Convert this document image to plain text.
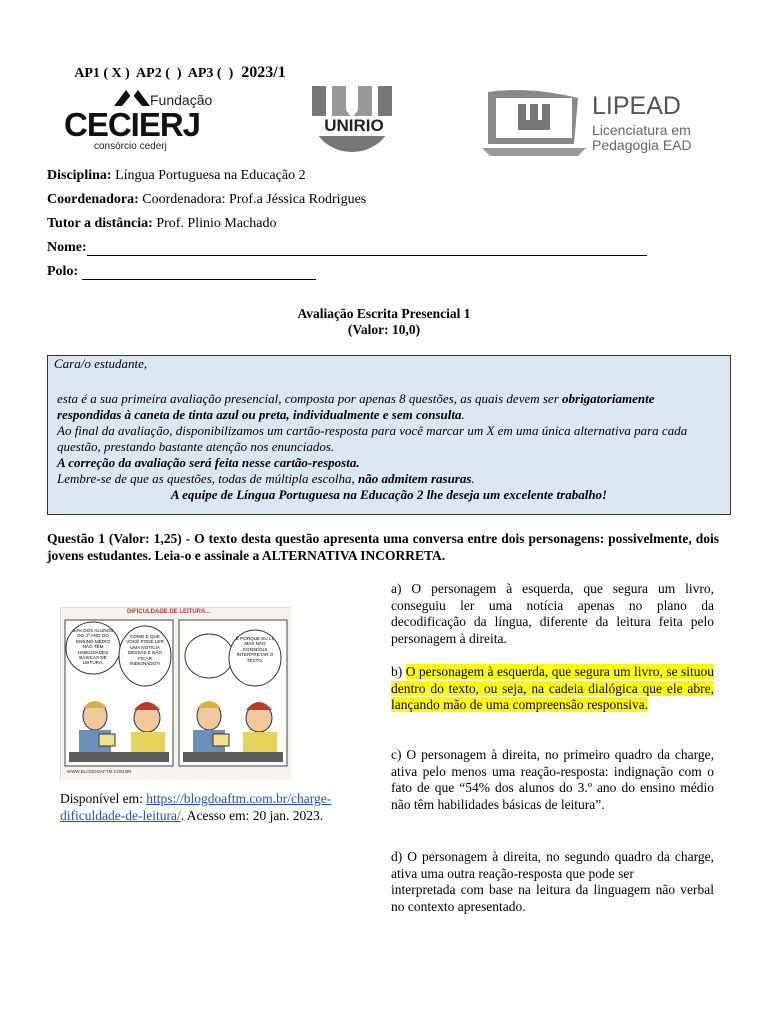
AP1 ( X )  AP2 (  )  AP3 (  ) 2023/1

Fundação
CECIERJ
consórcio cederj
UNIRIO
LIPEAD
Licenciatura em
Pedagogia EAD
Disciplina: Língua Portuguesa na Educação 2
Coordenadora: Coordenadora: Prof.a Jéssica Rodrigues
Tutor a distância: Prof. Plinio Machado
Nome:
Polo:
Avaliação Escrita Presencial 1
(Valor: 10,0)

Cara/o estudante,

esta é a sua primeira avaliação presencial, composta por apenas 8 questões, as quais devem ser obrigatoriamente respondidas à caneta de tinta azul ou preta, individualmente e sem consulta.

Ao final da avaliação, disponibilizamos um cartão-resposta para você marcar um X em uma única alternativa para cada questão, prestando bastante atenção nos enunciados.

A correção da avaliação será feita nesse cartão-resposta.

Lembre-se de que as questões, todas de múltipla escolha, não admitem rasuras.

A equipe de Língua Portuguesa na Educação 2 lhe deseja um excelente trabalho!

Questão 1 (Valor: 1,25) - O texto desta questão apresenta uma conversa entre dois personagens: possivelmente, dois jovens estudantes. Leia-o e assinale a ALTERNATIVA INCORRETA.
DIFICULDADE DE LEITURA...
54% DOS ALUNOS DO 3º ANO DO ENSINO MÉDIO NÃO TÊM HABILIDADES BÁSICAS DE LEITURA.
COMO É QUE VOCÊ PODE LER UMA NOTÍCIA DESSAS E NÃO FICAR INDIGNADO?!
É PORQUE EU LI, MAS NÃO CONSEGUI INTERPRETAR O TEXTO.
WWW.BLOGDOAFTM.COM.BR
Disponível em: https://blogdoaftm.com.br/charge-dificuldade-de-leitura/. Acesso em: 20 jan. 2023.
a) O personagem à esquerda, que segura um livro, conseguiu ler uma notícia apenas no plano da decodificação da língua, diferente da leitura feita pelo personagem à direita.
b) O personagem à esquerda, que segura um livro, se situou dentro do texto, ou seja, na cadeia dialógica que ele abre, lançando mão de uma compreensão responsiva.
c) O personagem à direita, no primeiro quadro da charge, ativa pelo menos uma reação-resposta: indignação com o fato de que “54% dos alunos do 3.º ano do ensino médio não têm habilidades básicas de leitura”.
d) O personagem à direita, no segundo quadro da charge, ativa uma outra reação-resposta que pode ser
interpretada com base na leitura da linguagem não verbal no contexto apresentado.
